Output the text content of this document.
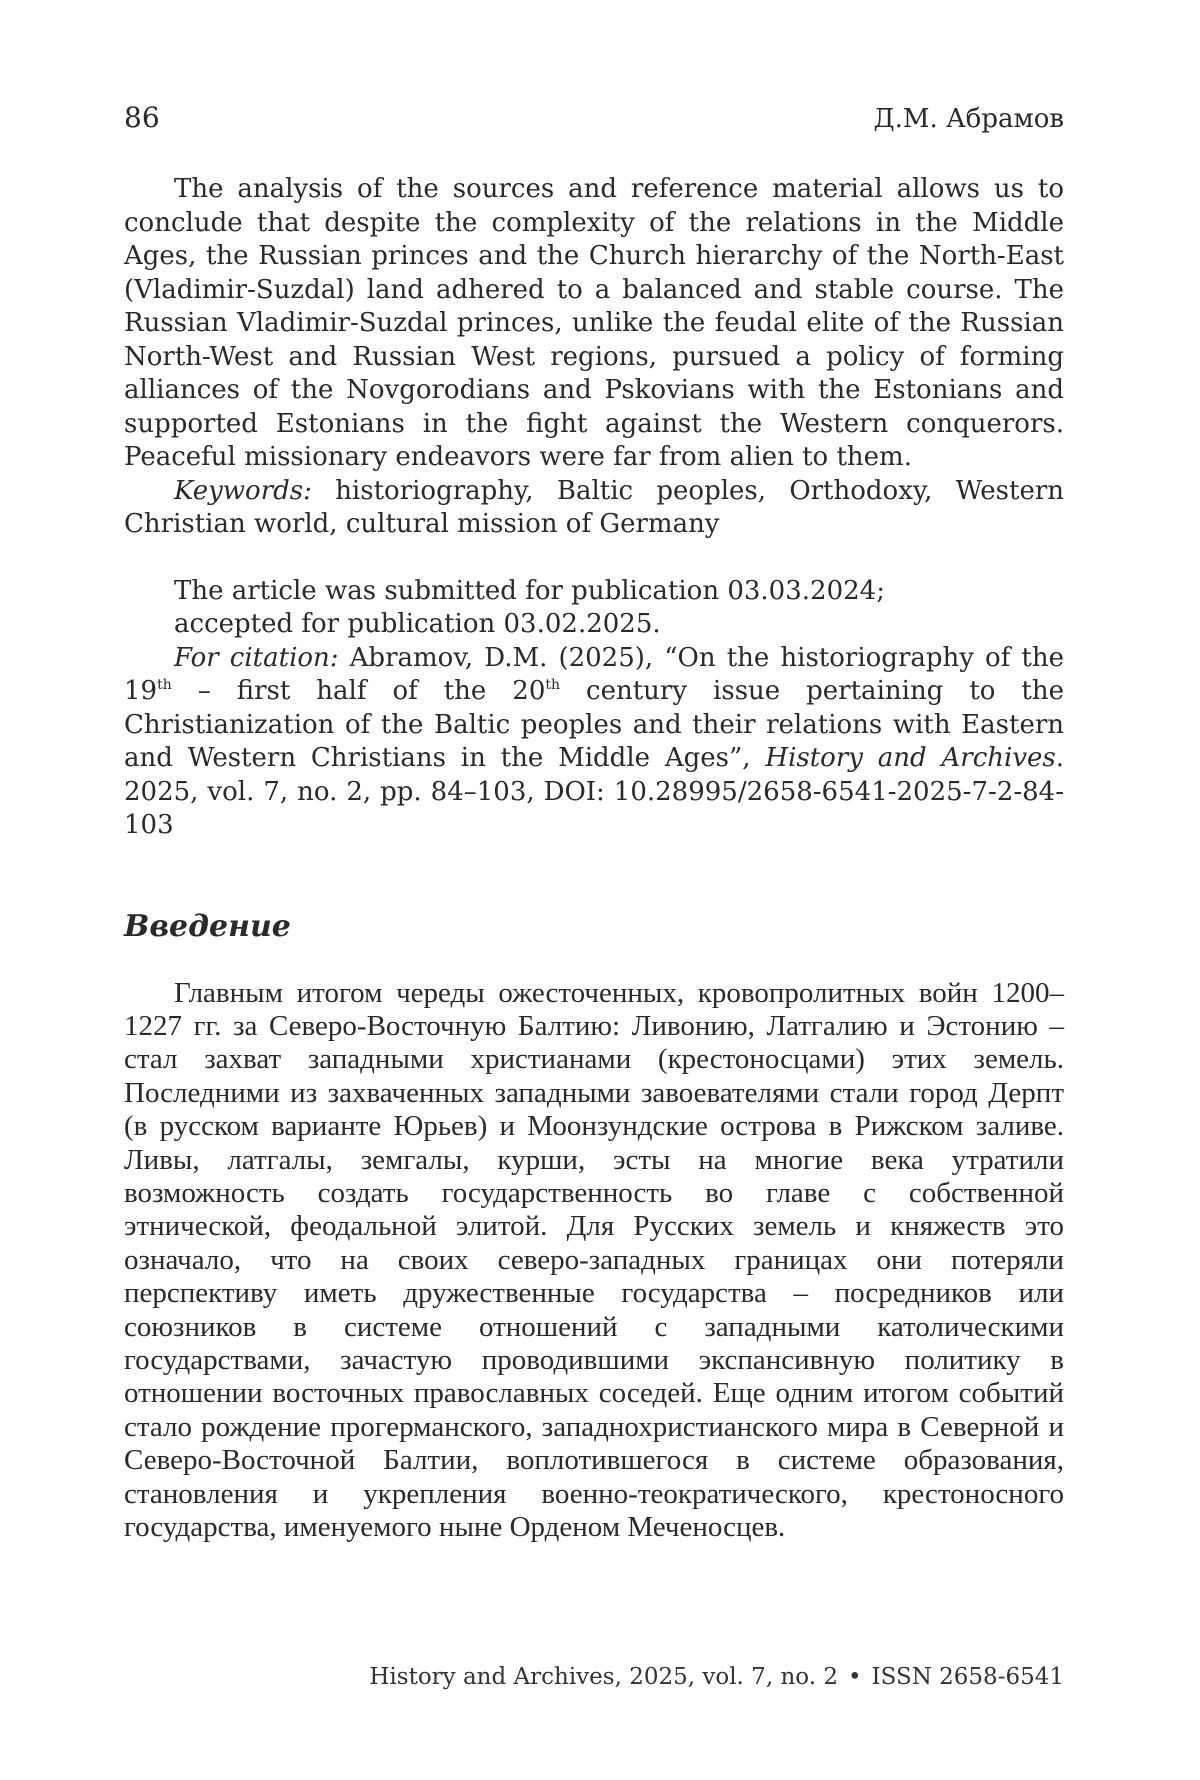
86	Д.М. Абрамов

The analysis of the sources and reference material allows us to conclude that despite the complexity of the relations in the Middle Ages, the Russian princes and the Church hierarchy of the North-East (Vladimir-Suzdal) land adhered to a balanced and stable course. The Russian Vladimir-Suzdal princes, unlike the feudal elite of the Russian North-West and Russian West regions, pursued a policy of forming alliances of the Novgorodians and Pskovians with the Estonians and supported Estonians in the fight against the Western conquerors. Peaceful missionary endeavors were far from alien to them.

Keywords: historiography, Baltic peoples, Orthodoxy, Western Christian world, cultural mission of Germany

The article was submitted for publication 03.03.2024;

accepted for publication 03.02.2025.

For citation: Abramov, D.M. (2025), “On the historiography of the 19th – first half of the 20th century issue pertaining to the Christianization of the Baltic peoples and their relations with Eastern and Western Christians in the Middle Ages”, History and Archives. 2025, vol. 7, no. 2, pp. 84–103, DOI: 10.28995/2658-6541-2025-7-2-84-103

Введение

Главным итогом череды ожесточенных, кровопролитных войн 1200–1227 гг. за Северо-Восточную Балтию: Ливонию, Латгалию и Эстонию – стал захват западными христианами (крестоносцами) этих земель. Последними из захваченных западными завоевателями стали город Дерпт (в русском варианте Юрьев) и Моонзундские острова в Рижском заливе. Ливы, латгалы, земгалы, курши, эсты на многие века утратили возможность создать государственность во главе с собственной этнической, феодальной элитой. Для Русских земель и княжеств это означало, что на своих северо-западных границах они потеряли перспективу иметь дружественные государства – посредников или союзников в системе отношений с западными католическими государствами, зачастую проводившими экспансивную политику в отношении восточных православных соседей. Еще одним итогом событий стало рождение прогерманского, западнохристианского мира в Северной и Северо-Восточной Балтии, воплотившегося в системе образования, становления и укрепления военно-теократического, крестоносного государства, именуемого ныне Орденом Меченосцев.

History and Archives, 2025, vol. 7, no. 2 • ISSN 2658-6541
